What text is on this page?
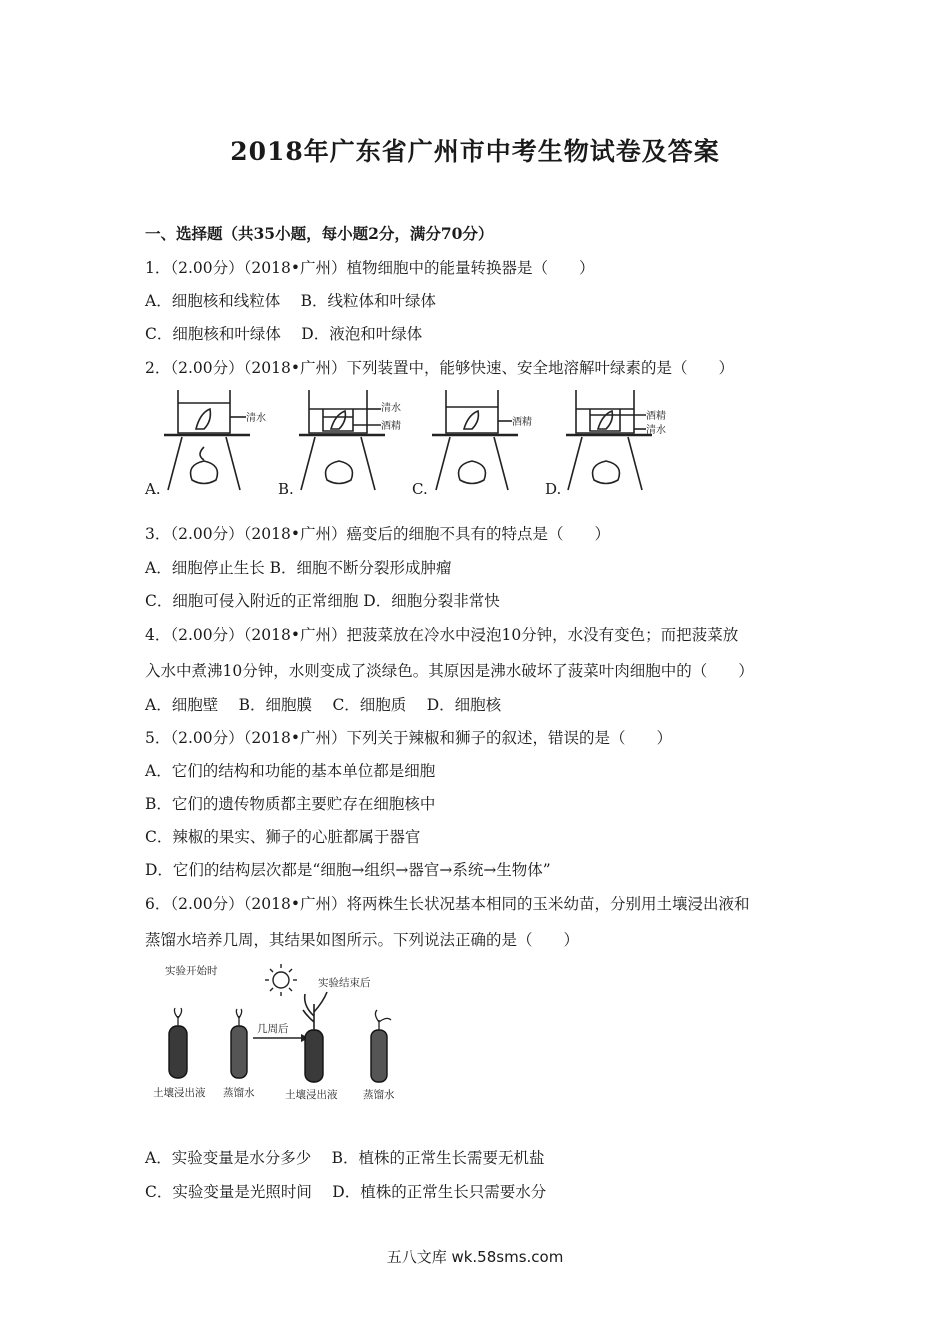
2018年广东省广州市中考生物试卷及答案
一、选择题（共35小题，每小题2分，满分70分）
1．（2.00分）（2018•广州）植物细胞中的能量转换器是（　　）
A．细胞核和线粒体　 B．线粒体和叶绿体
C．细胞核和叶绿体　 D．液泡和叶绿体
2．（2.00分）（2018•广州）下列装置中，能够快速、安全地溶解叶绿素的是（　　）
A.	B.	C.	D.
清水
清水
酒精	酒精
酒精
清水
3．（2.00分）（2018•广州）癌变后的细胞不具有的特点是（　　）
A．细胞停止生长 B．细胞不断分裂形成肿瘤
C．细胞可侵入附近的正常细胞 D．细胞分裂非常快
4．（2.00分）（2018•广州）把菠菜放在冷水中浸泡10分钟，水没有变色；而把菠菜放
入水中煮沸10分钟，水则变成了淡绿色。其原因是沸水破坏了菠菜叶肉细胞中的（　　）
A．细胞壁　 B．细胞膜　 C．细胞质　 D．细胞核
5．（2.00分）（2018•广州）下列关于辣椒和狮子的叙述，错误的是（　　）
A．它们的结构和功能的基本单位都是细胞
B．它们的遗传物质都主要贮存在细胞核中
C．辣椒的果实、狮子的心脏都属于器官
D．它们的结构层次都是“细胞→组织→器官→系统→生物体”
6．（2.00分）（2018•广州）将两株生长状况基本相同的玉米幼苗，分别用土壤浸出液和
蒸馏水培养几周，其结果如图所示。下列说法正确的是（　　）
实验开始时
实验结束后
几周后
土壤浸出液 蒸馏水	土壤浸出液 蒸馏水
A．实验变量是水分多少　 B．植株的正常生长需要无机盐
C．实验变量是光照时间　 D．植株的正常生长只需要水分
五八文库 wk.58sms.com
